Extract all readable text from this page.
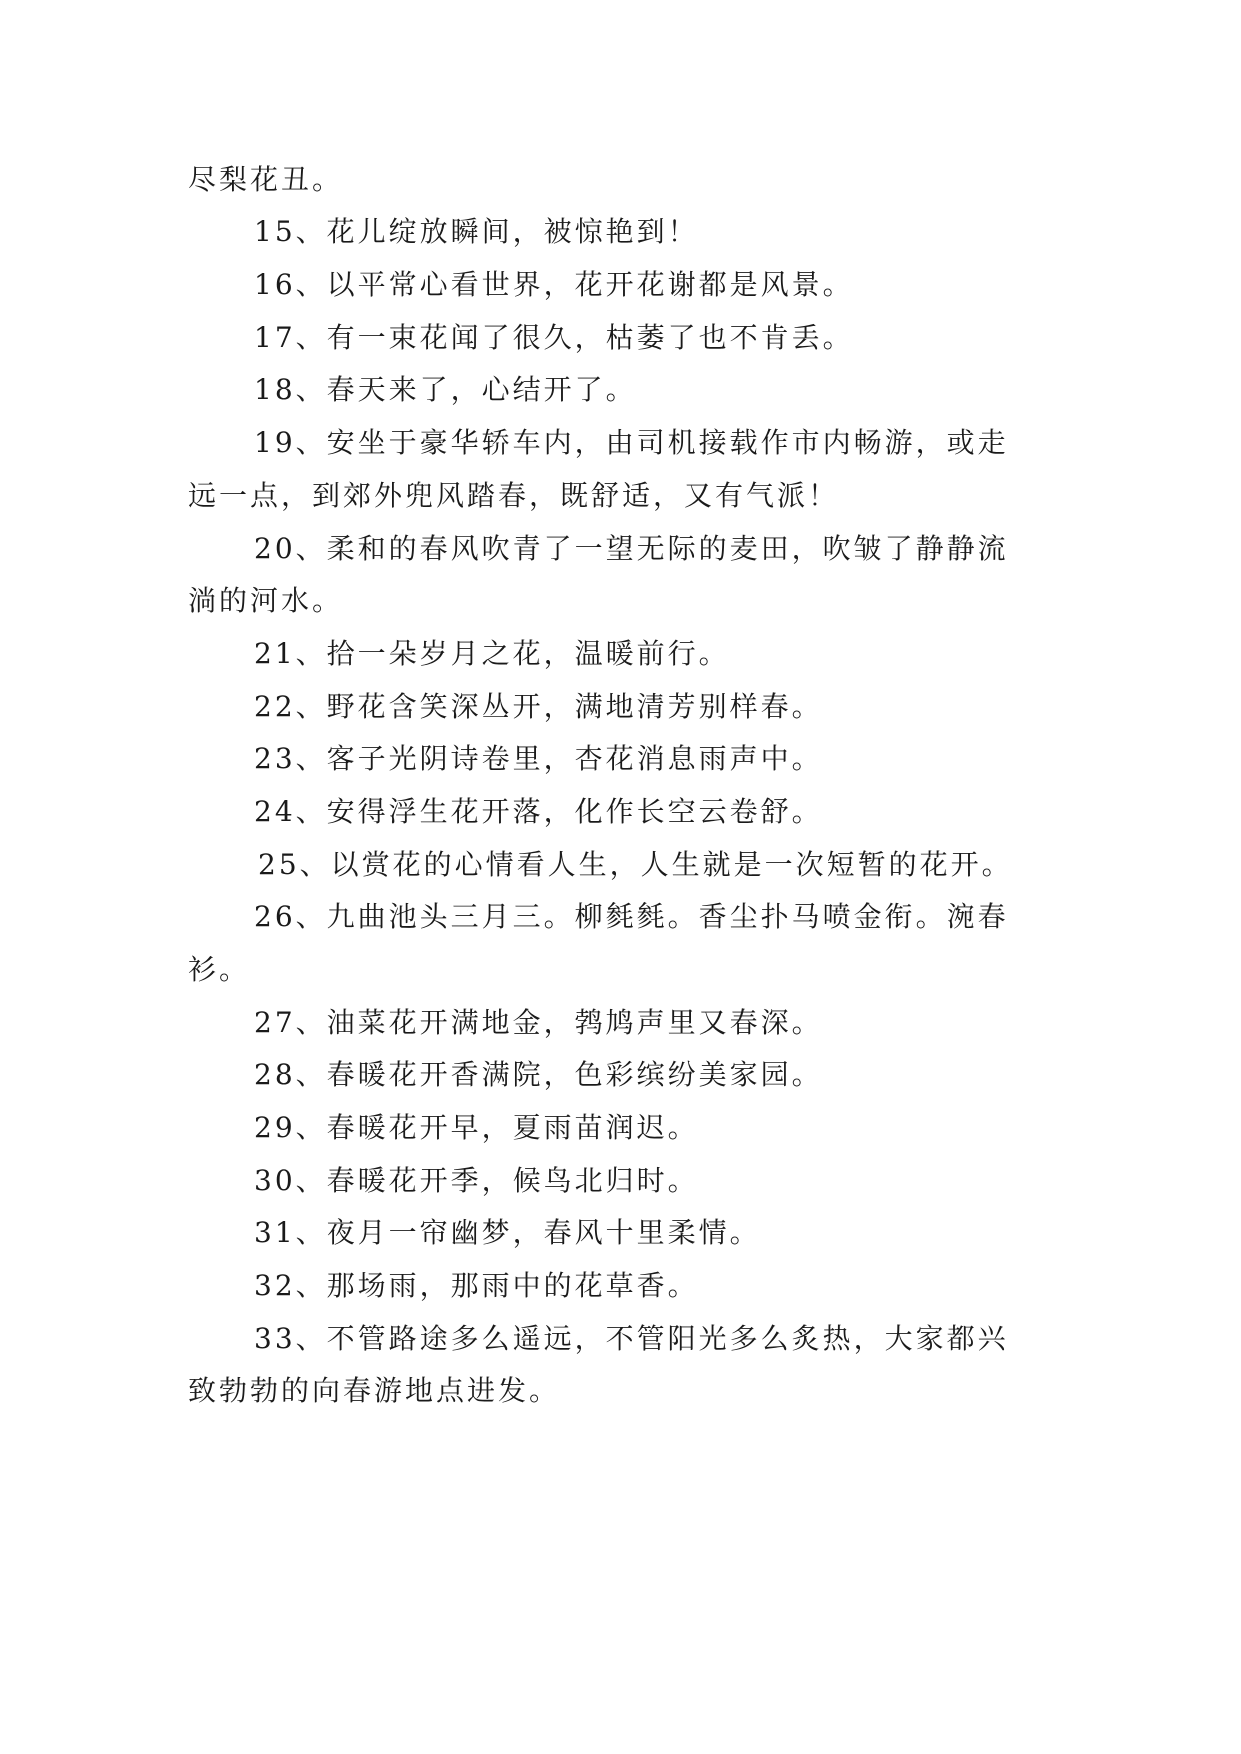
尽梨花丑。
15、花儿绽放瞬间，被惊艳到！
16、以平常心看世界，花开花谢都是风景。
17、有一束花闻了很久，枯萎了也不肯丢。
18、春天来了，心结开了。
19、安坐于豪华轿车内，由司机接载作市内畅游，或走
远一点，到郊外兜风踏春，既舒适，又有气派！
20、柔和的春风吹青了一望无际的麦田，吹皱了静静流
淌的河水。
21、拾一朵岁月之花，温暖前行。
22、野花含笑深丛开，满地清芳别样春。
23、客子光阴诗卷里，杏花消息雨声中。
24、安得浮生花开落，化作长空云卷舒。
25、以赏花的心情看人生，人生就是一次短暂的花开。
26、九曲池头三月三。柳毵毵。香尘扑马喷金衔。涴春
衫。
27、油菜花开满地金，鹁鸠声里又春深。
28、春暖花开香满院，色彩缤纷美家园。
29、春暖花开早，夏雨苗润迟。
30、春暖花开季，候鸟北归时。
31、夜月一帘幽梦，春风十里柔情。
32、那场雨，那雨中的花草香。
33、不管路途多么遥远，不管阳光多么炙热，大家都兴
致勃勃的向春游地点进发。
